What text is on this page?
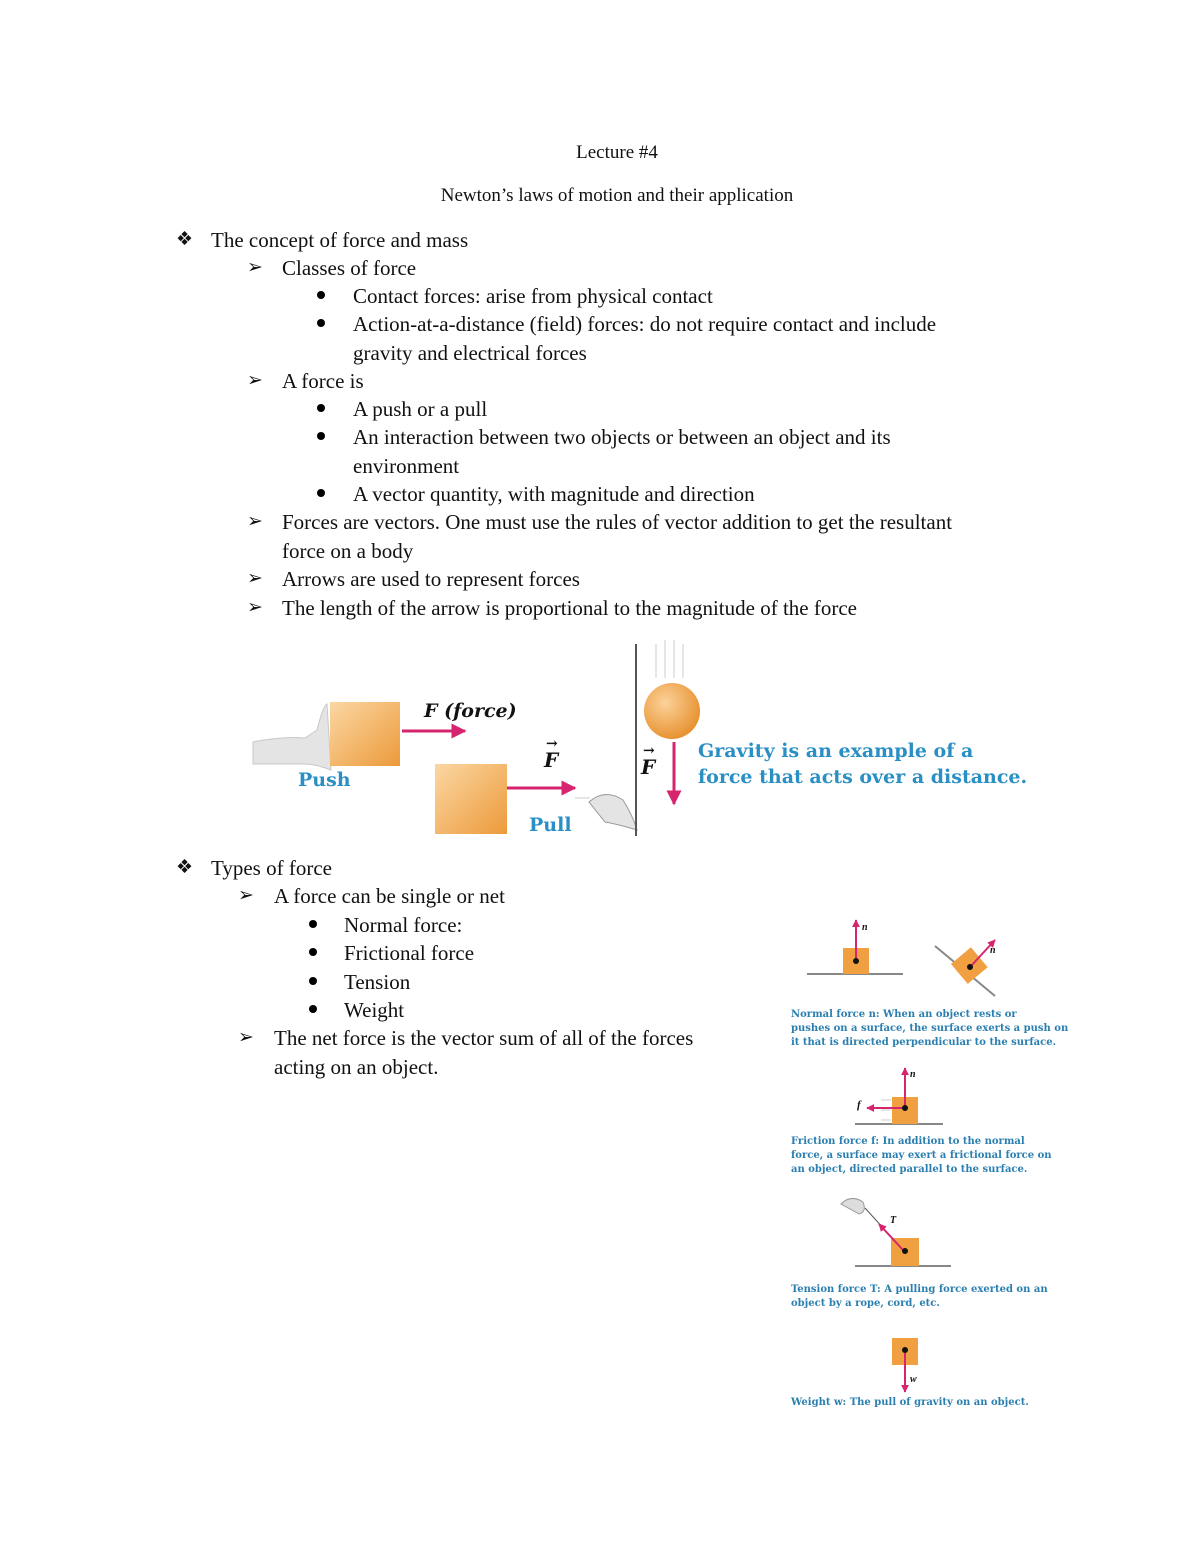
Lecture #4
Newton’s laws of motion and their application
❖ The concept of force and mass
➢ Classes of force
Contact forces: arise from physical contact
Action-at-a-distance (field) forces: do not require contact and include
gravity and electrical forces
➢ A force is
A push or a pull
An interaction between two objects or between an object and its
environment
A vector quantity, with magnitude and direction
➢ Forces are vectors. One must use the rules of vector addition to get the resultant
force on a body
➢ Arrows are used to represent forces
➢ The length of the arrow is proportional to the magnitude of the force
F (force)
Push
Pull
→
F	→
F
Gravity is an example of a
force that acts over a distance.
❖ Types of force
➢ A force can be single or net
Normal force:
Frictional force
Tension
Weight
➢ The net force is the vector sum of all of the forces
acting on an object.
n
n
n
f
T
w
Normal force n: When an object rests or
pushes on a surface, the surface exerts a push on
it that is directed perpendicular to the surface.
Friction force f: In addition to the normal
force, a surface may exert a frictional force on
an object, directed parallel to the surface.
Tension force T: A pulling force exerted on an
object by a rope, cord, etc.
Weight w: The pull of gravity on an object.
